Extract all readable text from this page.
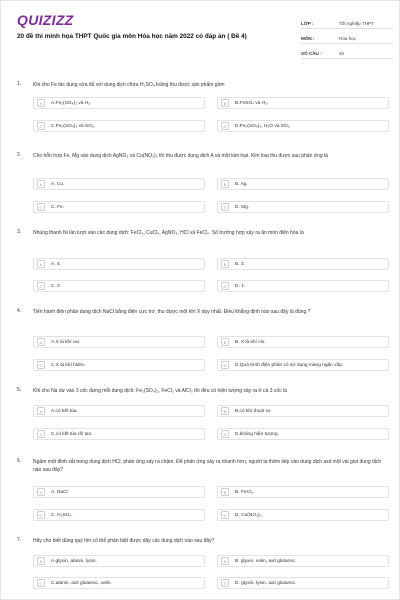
QUIZIZZ
20 đề thi minh họa THPT Quốc gia môn Hóa học năm 2022 có đáp án ( Đề 4)
LỚP :	Tốt nghiệp THPT
MÔN :	Hóa học
SỐ CÂU :	40
1. Khi cho Fe tác dụng vừa đủ với dung dịch chứa H₂SO₄ loãng thu được sản phẩm gồm
A	A.Fe₂(SO₄)₃ và H₂.	B	B.FeSO₄ và H₂.
C	C.Fe₂(SO₄)₃ và SO₂.	D	D.Fe₂(SO₄)₃, H₂O và SO₂.
2. Cho hỗn hợp Fe, Mg vào dung dịch AgNO₃ và Cu(NO₃)₂ thì thu được dung dịch A và một kim loại. Kim loại thu được sau phản ứng là
A	A. Cu.	B	B. Ag.
C	C. Fe.	D	D. Mg.
3. Nhúng thanh Ni lần lượt vào các dung dịch: FeCl₃, CuCl₂, AgNO₃, HCl và FeCl₂. Số trường hợp xảy ra ăn mòn điện hóa là
A	A. 4.	B	B. 3.
C	C. 2.	D	D. 1.
4. Tiến hành điện phân dung dịch NaCl bằng điện cực trơ, thu được một khí X duy nhất. Điều khẳng định nào sau đây là đúng ?
A	A.X là khí oxi.	B	B. X là khí clo.
C	C.X là khí hidro.	D	D.Quá trình điện phân có sử dụng màng ngăn xốp.
5. Khi cho Na dư vào 3 cốc đựng mỗi dung dịch: Fe₂(SO₄)₃, FeCl₂ và AlCl₃ thì đều có hiện tượng xảy ra ở cả 3 cốc là
A	A.có kết tủa.	B	B.có khí thoát ra.
C	C.có kết tủa rồi tan.	D	D.không hiện tượng.
6. Ngâm một đinh sắt trong dung dịch HCl, phản ứng xảy ra chậm. Để phản ứng xảy ra nhanh hơn, người ta thêm tiếp vào dung dịch axit một vài giọt dung dịch nào sau đây?
A	A. NaCl	B	B. FeCl₃.
C	C. H₂SO₄.	D	D. Cu(NO₃)₂.
7. Hãy cho biết dùng quỳ tím có thể phân biệt được dãy các dung dịch nào sau đây?
A	A.glyxin, alanin, lysin.	B	B. glyxin, valin, axit glutamic.
C	C.alanin, axit glutamic, valin.	D	D. glyxin, lysin, axit glutamic.
